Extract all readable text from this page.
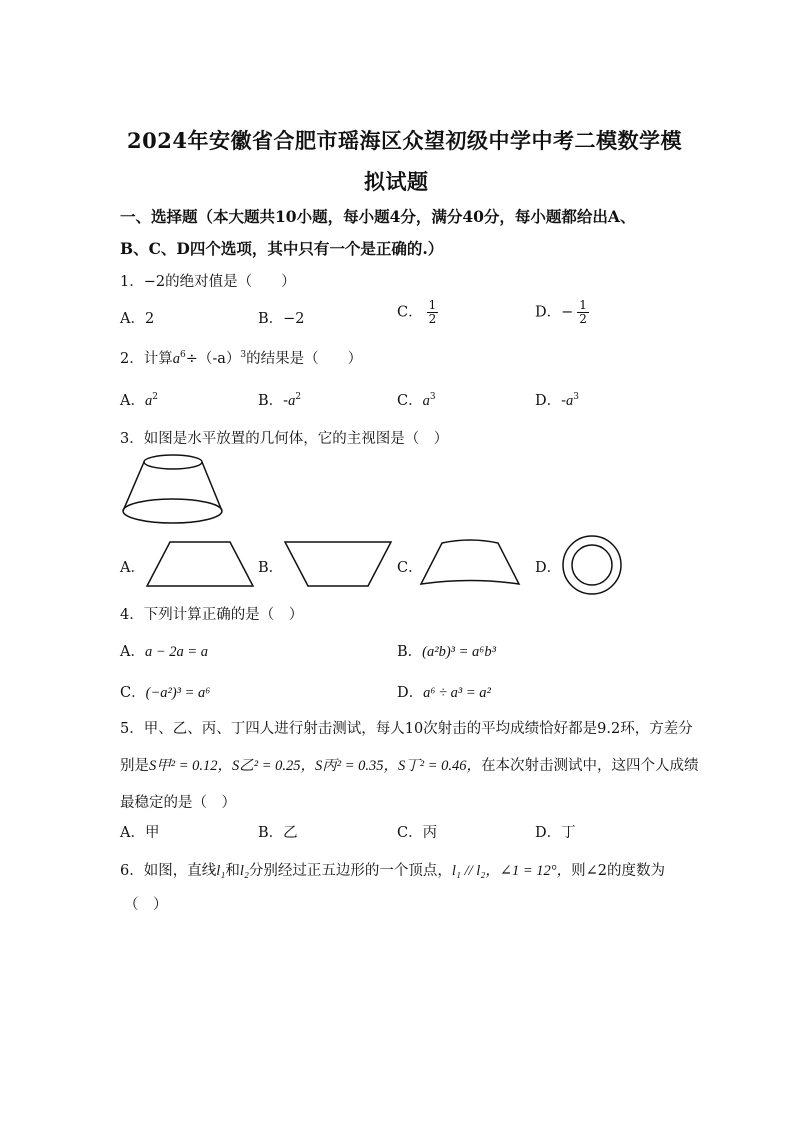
2024年安徽省合肥市瑶海区众望初级中学中考二模数学模
拟试题
一、选择题（本大题共10小题，每小题4分，满分40分，每小题都给出A、
B、C、D四个选项，其中只有一个是正确的.）
1．−2的绝对值是（　　）
A．2	B．−2	C． $\frac{1}{2}$	D．− $\frac{1}{2}$
2．计算$a^6\div(-a)^3$的结果是（　　）
A．$a^2$	B．$-a^2$	C．$a^3$	D．$-a^3$
3．如图是水平放置的几何体，它的主视图是（　）
A．	B．	C．	D．
4．下列计算正确的是（　）
A．a − 2a = a	B．(a²b)³ = a⁶b³
C．(−a²)³ = a⁶	D．a⁶ ÷ a³ = a²
5．甲、乙、丙、丁四人进行射击测试，每人10次射击的平均成绩恰好都是9.2环，方差分
别是S甲² = 0.12，S乙² = 0.25，S丙² = 0.35，S丁² = 0.46，在本次射击测试中，这四个人成绩
最稳定的是（　）
A．甲	B．乙	C．丙	D．丁
6．如图，直线l₁和l₂分别经过正五边形的一个顶点，l₁ // l₂，∠1 = 12°，则∠2的度数为
（　）
